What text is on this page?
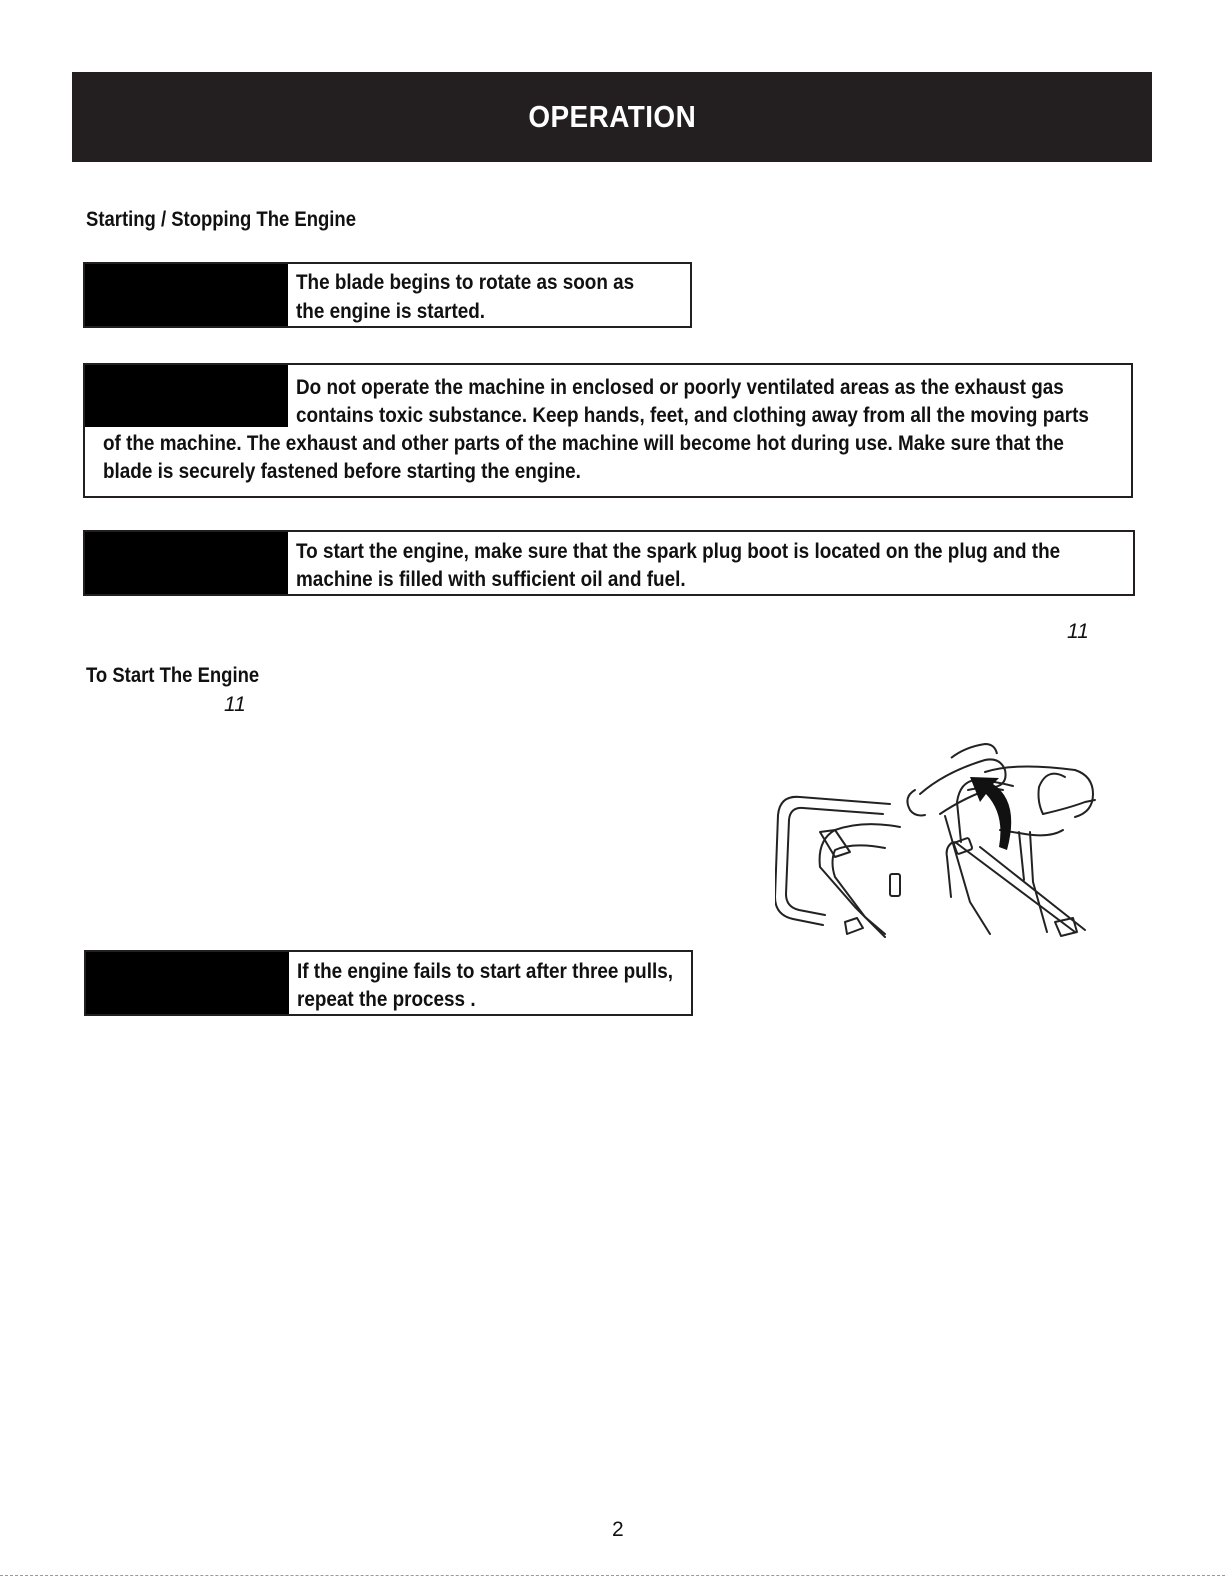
OPERATION
Starting / Stopping The Engine
The blade begins to rotate as soon as
the engine is started.
Do not operate the machine in enclosed or poorly ventilated areas as the exhaust gas
contains toxic substance. Keep hands, feet, and clothing away from all the moving parts
of the machine. The exhaust and other parts of the machine will become hot during use. Make sure that the
blade is securely fastened before starting the engine.
To start the engine, make sure that the spark plug boot is located on the plug and the
machine is filled with sufficient oil and fuel.
11
To Start The Engine
11
If the engine fails to start after three pulls,
repeat the process .
2
